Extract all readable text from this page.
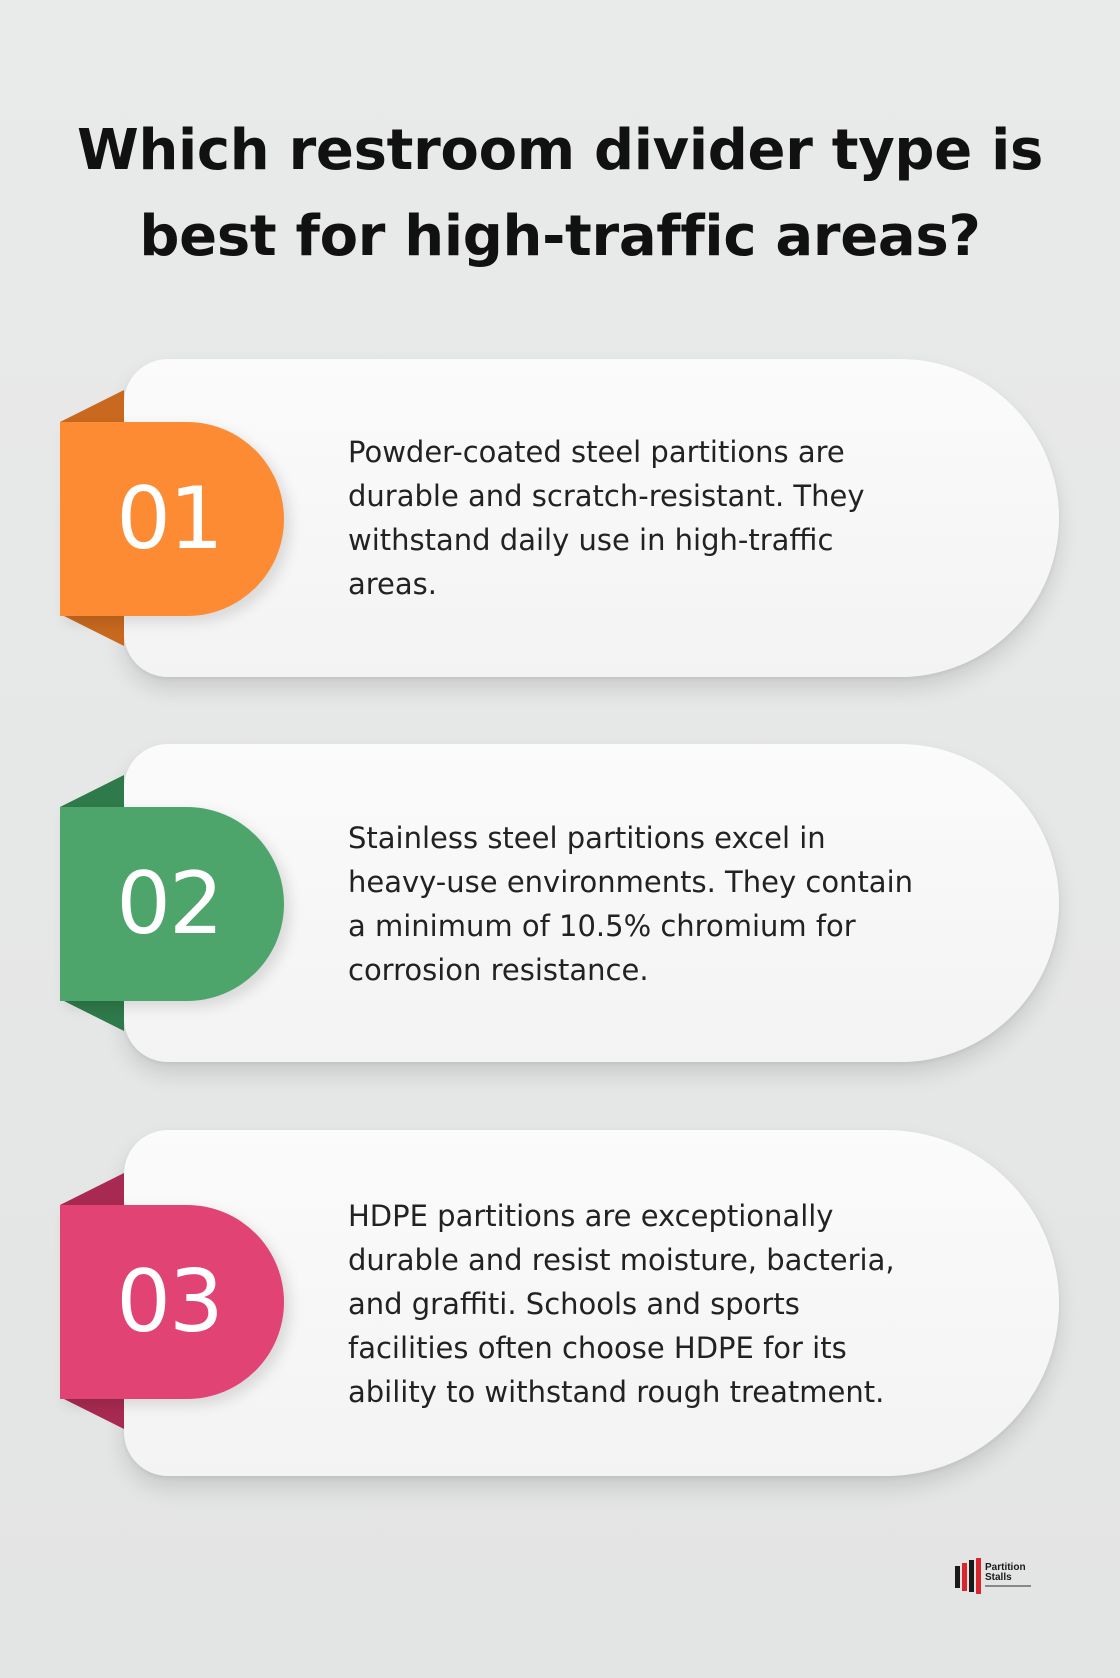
Which restroom divider type is
best for high-traffic areas?
01

Powder-coated steel partitions are
durable and scratch-resistant. They
withstand daily use in high-traffic
areas.

02

Stainless steel partitions excel in
heavy-use environments. They contain
a minimum of 10.5% chromium for
corrosion resistance.

03

HDPE partitions are exceptionally
durable and resist moisture, bacteria,
and graffiti. Schools and sports
facilities often choose HDPE for its
ability to withstand rough treatment.

Partition
Stalls
